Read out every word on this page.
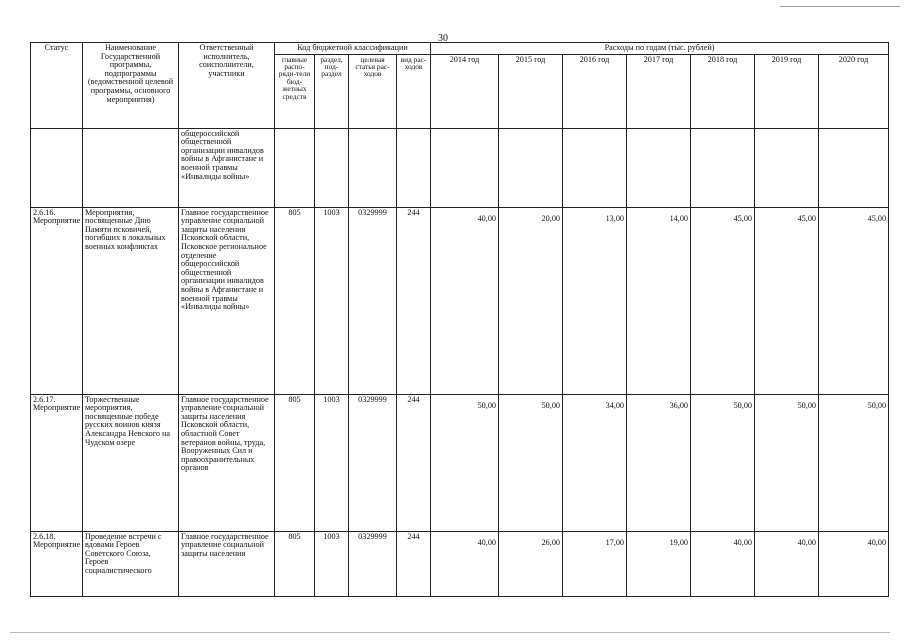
30
Статус	Наименование Государственной программы, подпрограммы (ведомственной целевой программы, основного мероприятия)	Ответственный исполнитель, соисполнители, участники	Код бюджетной классификации				Расходы по годам (тыс. рублей)						
			главные распо-ряди-тели бюд-жетных средств	раздел, под-раздел	целевая статья рас-ходов	вид рас-ходов	2014 год	2015 год	2016 год	2017 год	2018 год	2019 год	2020 год
		общероссийской общественной организации инвалидов войны в Афганистане и военной травмы «Инвалиды войны»											
2.6.16. Мероприятие	Мероприятия, посвященные Дню Памяти псковичей, погибших в локальных военных конфликтах	Главное государственное управление социальной защиты населения Псковской области, Псковское региональное отделение общероссийской общественной организации инвалидов войны в Афганистане и военной травмы «Инвалиды войны»	805	1003	0329999	244	40,00	20,00	13,00	14,00	45,00	45,00	45,00
2.6.17. Мероприятие	Торжественные мероприятия, посвященные победе русских воинов князя Александра Невского на Чудском озере	Главное государственное управление социальной защиты населения Псковской области, областной Совет ветеранов войны, труда, Вооруженных Сил и правоохранительных органов	805	1003	0329999	244	50,00	50,00	34,00	36,00	50,00	50,00	50,00
2.6.18. Мероприятие	Проведение встречи с вдовами Героев Советского Союза, Героев социалистического	Главное государственное управление социальной защиты населения	805	1003	0329999	244	40,00	26,00	17,00	19,00	40,00	40,00	40,00
